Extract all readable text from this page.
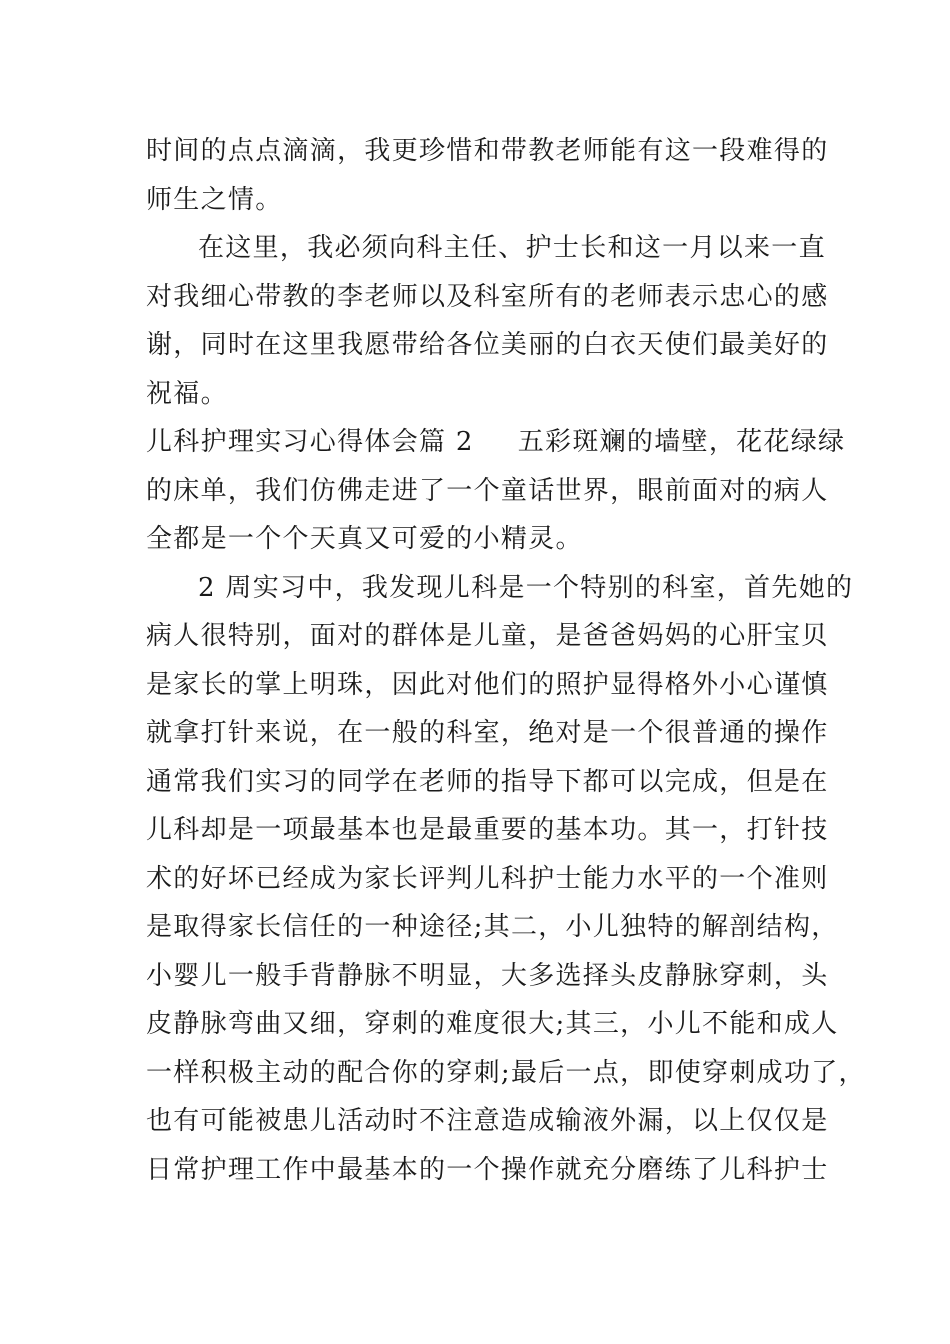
时间的点点滴滴，我更珍惜和带教老师能有这一段难得的
师生之情。
在这里，我必须向科主任、护士长和这一月以来一直
对我细心带教的李老师以及科室所有的老师表示忠心的感
谢，同时在这里我愿带给各位美丽的白衣天使们最美好的
祝福。
儿科护理实习心得体会篇 2 五彩斑斓的墙壁，花花绿绿
的床单，我们仿佛走进了一个童话世界，眼前面对的病人
全都是一个个天真又可爱的小精灵。
2 周实习中，我发现儿科是一个特别的科室，首先她的
病人很特别，面对的群体是儿童，是爸爸妈妈的心肝宝贝
是家长的掌上明珠，因此对他们的照护显得格外小心谨慎
就拿打针来说，在一般的科室，绝对是一个很普通的操作
通常我们实习的同学在老师的指导下都可以完成，但是在
儿科却是一项最基本也是最重要的基本功。其一，打针技
术的好坏已经成为家长评判儿科护士能力水平的一个准则
是取得家长信任的一种途径;其二，小儿独特的解剖结构，
小婴儿一般手背静脉不明显，大多选择头皮静脉穿刺，头
皮静脉弯曲又细，穿刺的难度很大;其三，小儿不能和成人
一样积极主动的配合你的穿刺;最后一点，即使穿刺成功了，
也有可能被患儿活动时不注意造成输液外漏，以上仅仅是
日常护理工作中最基本的一个操作就充分磨练了儿科护士
